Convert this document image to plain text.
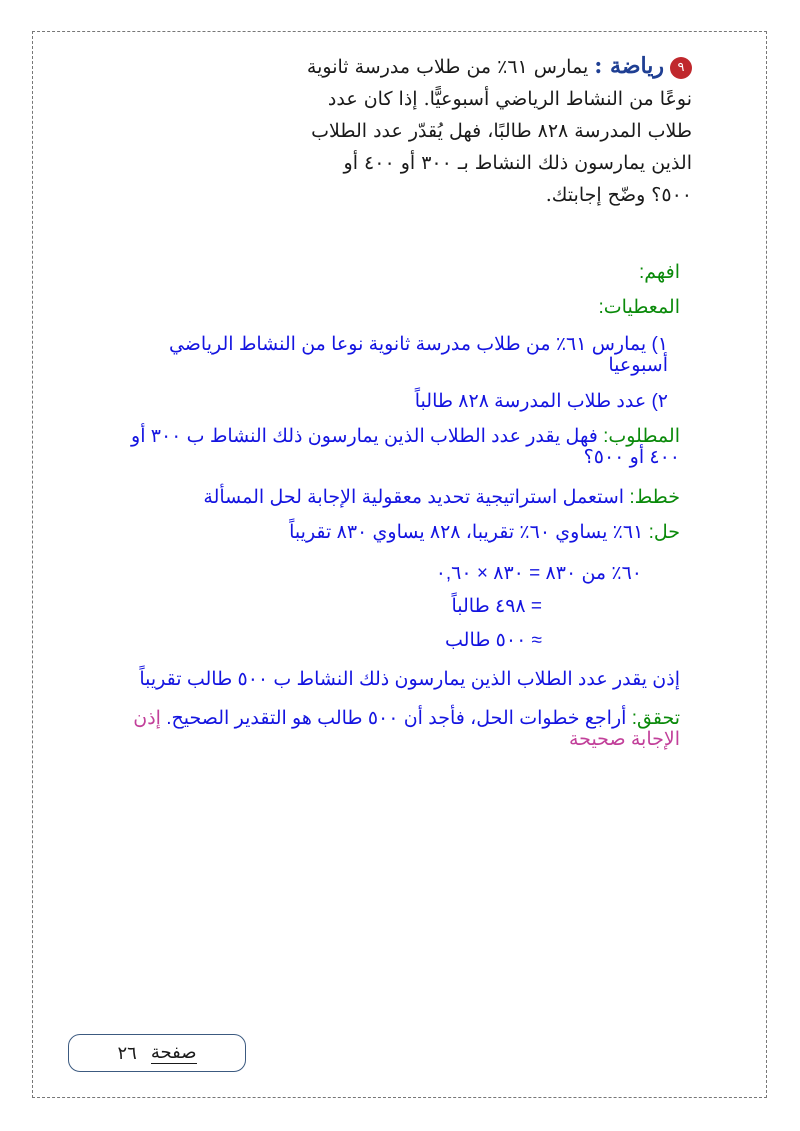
٩رياضة : يمارس ٦١٪ من طلاب مدرسة ثانوية
نوعًا من النشاط الرياضي أسبوعيًّا. إذا كان عدد
طلاب المدرسة ٨٢٨ طالبًا، فهل يُقدّر عدد الطلاب
الذين يمارسون ذلك النشاط بـ ٣٠٠ أو ٤٠٠ أو
٥٠٠؟ وضّح إجابتك.
افهم:
المعطيات:
١) يمارس ٦١٪ من طلاب مدرسة ثانوية نوعا من النشاط الرياضي
أسبوعيا
٢) عدد طلاب المدرسة ٨٢٨ طالباً
المطلوب: فهل يقدر عدد الطلاب الذين يمارسون ذلك النشاط ب ٣٠٠ أو
٤٠٠ أو ٥٠٠؟
خطط: استعمل استراتيجية تحديد معقولية الإجابة لحل المسألة
حل: ٦١٪ يساوي ٦٠٪ تقريبا، ٨٢٨ يساوي ٨٣٠ تقريباً
٦٠٪ من ٨٣٠ = ٨٣٠ × ٠,٦٠
= ٤٩٨ طالباً
≈ ٥٠٠ طالب
إذن يقدر عدد الطلاب الذين يمارسون ذلك النشاط ب ٥٠٠ طالب تقريباً
تحقق: أراجع خطوات الحل، فأجد أن ٥٠٠ طالب هو التقدير الصحيح. إذن
الإجابة صحيحة
صفحة
٢٦
